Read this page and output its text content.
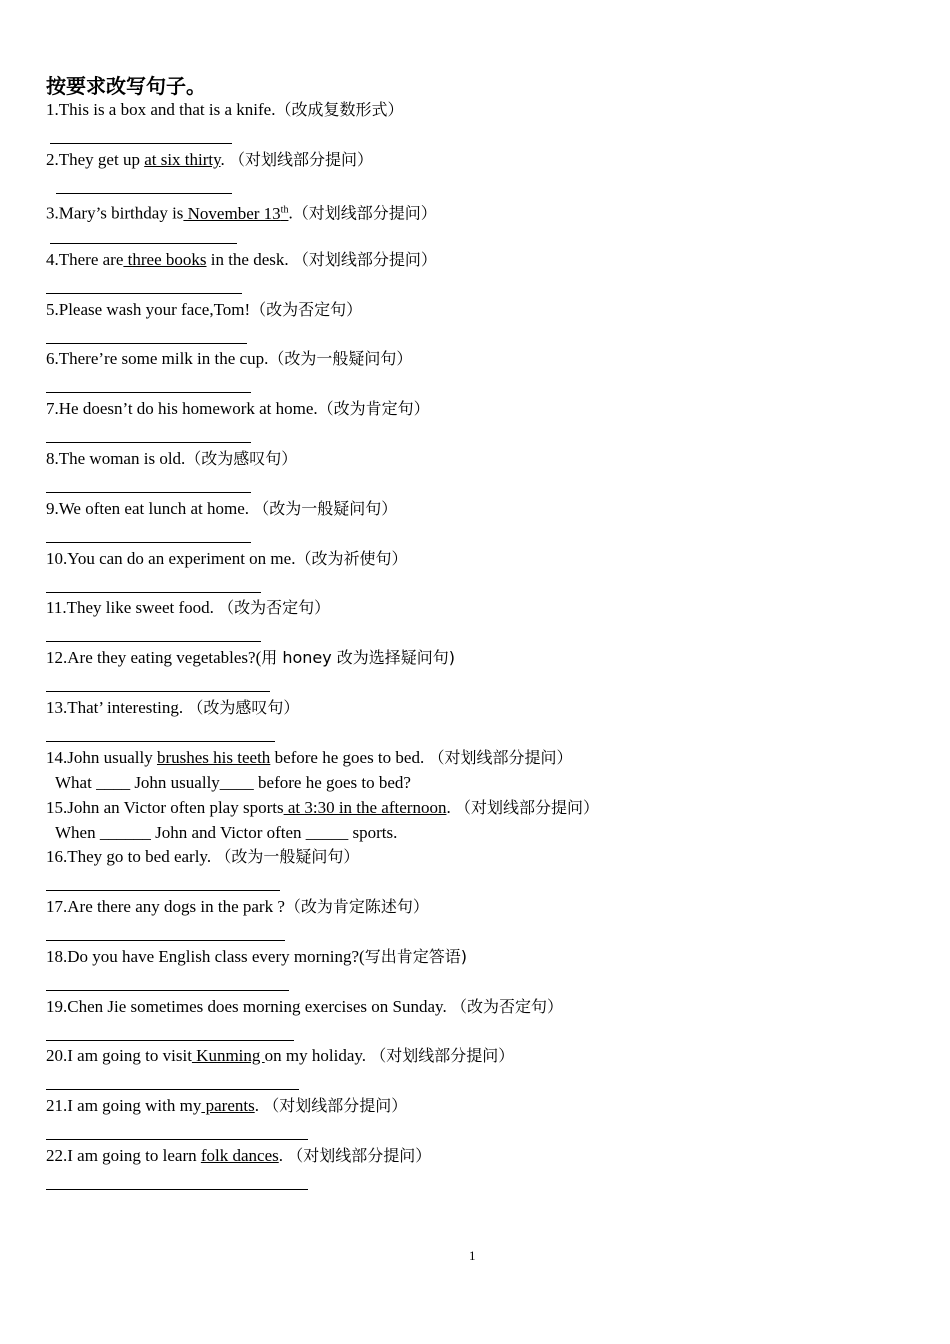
按要求改写句子。
1.This is a box and that is a knife.（改成复数形式）
2.They get up at six thirty. （对划线部分提问）
3.Mary’s birthday is November 13th.（对划线部分提问）
4.There are three books in the desk. （对划线部分提问）
5.Please wash your face,Tom!（改为否定句）
6.There’re some milk in the cup.（改为一般疑问句）
7.He doesn’t do his homework at home.（改为肯定句）
8.The woman is old.（改为感叹句）
9.We often eat lunch at home. （改为一般疑问句）
10.You can do an experiment on me.（改为祈使句）
11.They like sweet food. （改为否定句）
12.Are they eating vegetables?(用 honey 改为选择疑问句)
13.That’ interesting. （改为感叹句）
14.John usually brushes his teeth before he goes to bed. （对划线部分提问）
What ____ John usually____ before he goes to bed?
15.John an Victor often play sports at 3:30 in the afternoon. （对划线部分提问）
When ______ John and Victor often _____ sports.
16.They go to bed early. （改为一般疑问句）
17.Are there any dogs in the park ?（改为肯定陈述句）
18.Do you have English class every morning?(写出肯定答语)
19.Chen Jie sometimes does morning exercises on Sunday. （改为否定句）
20.I am going to visit Kunming on my holiday. （对划线部分提问）
21.I am going with my parents. （对划线部分提问）
22.I am going to learn folk dances. （对划线部分提问）
1
